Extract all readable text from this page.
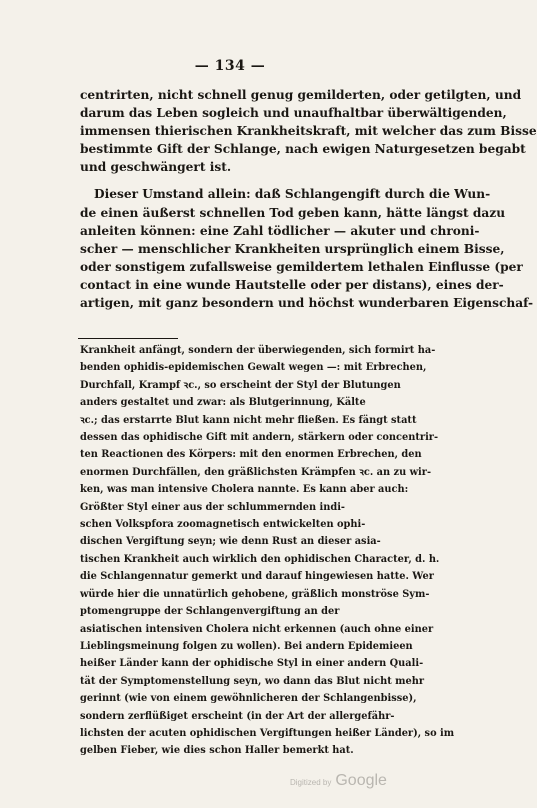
— 134 —
centrirten, nicht schnell genug gemilderten, oder getilgten, und
darum das Leben sogleich und unaufhaltbar überwältigenden,
immensen thierischen Krankheitskraft, mit welcher das zum Bisse
bestimmte Gift der Schlange, nach ewigen Naturgesetzen begabt
und geschwängert ist.
Dieser Umstand allein: daß Schlangengift durch die Wun-
de einen äußerst schnellen Tod geben kann, hätte längst dazu
anleiten können: eine Zahl tödlicher — akuter und chroni-
scher — menschlicher Krankheiten ursprünglich einem Bisse,
oder sonstigem zufallsweise gemildertem lethalen Einflusse (per
contact in eine wunde Hautstelle oder per distans), eines der-
artigen, mit ganz besondern und höchst wunderbaren Eigenschaf-
Krankheit anfängt, sondern der überwiegenden, sich formirt ha-
benden ophidis-epidemischen Gewalt wegen —: mit Erbrechen,
Durchfall, Krampf ꝛc., so erscheint der Styl der Blutungen
anders gestaltet und zwar: als Blutgerinnung, Kälte
ꝛc.; das erstarrte Blut kann nicht mehr fließen. Es fängt statt
dessen das ophidische Gift mit andern, stärkern oder concentrir-
ten Reactionen des Körpers: mit den enormen Erbrechen, den
enormen Durchfällen, den gräßlichsten Krämpfen ꝛc. an zu wir-
ken, was man intensive Cholera nannte. Es kann aber auch:
Größter Styl einer aus der schlummernden indi-
schen Volkspfora zoomagnetisch entwickelten ophi-
dischen Vergiftung seyn; wie denn Rust an dieser asia-
tischen Krankheit auch wirklich den ophidischen Character, d. h.
die Schlangennatur gemerkt und darauf hingewiesen hatte. Wer
würde hier die unnatürlich gehobene, gräßlich monströse Sym-
ptomengruppe der Schlangenvergiftung an der
asiatischen intensiven Cholera nicht erkennen (auch ohne einer
Lieblingsmeinung folgen zu wollen). Bei andern Epidemieen
heißer Länder kann der ophidische Styl in einer andern Quali-
tät der Symptomenstellung seyn, wo dann das Blut nicht mehr
gerinnt (wie von einem gewöhnlicheren der Schlangenbisse),
sondern zerflüßiget erscheint (in der Art der allergefähr-
lichsten der acuten ophidischen Vergiftungen heißer Länder), so im
gelben Fieber, wie dies schon Haller bemerkt hat.
Digitized by Google
